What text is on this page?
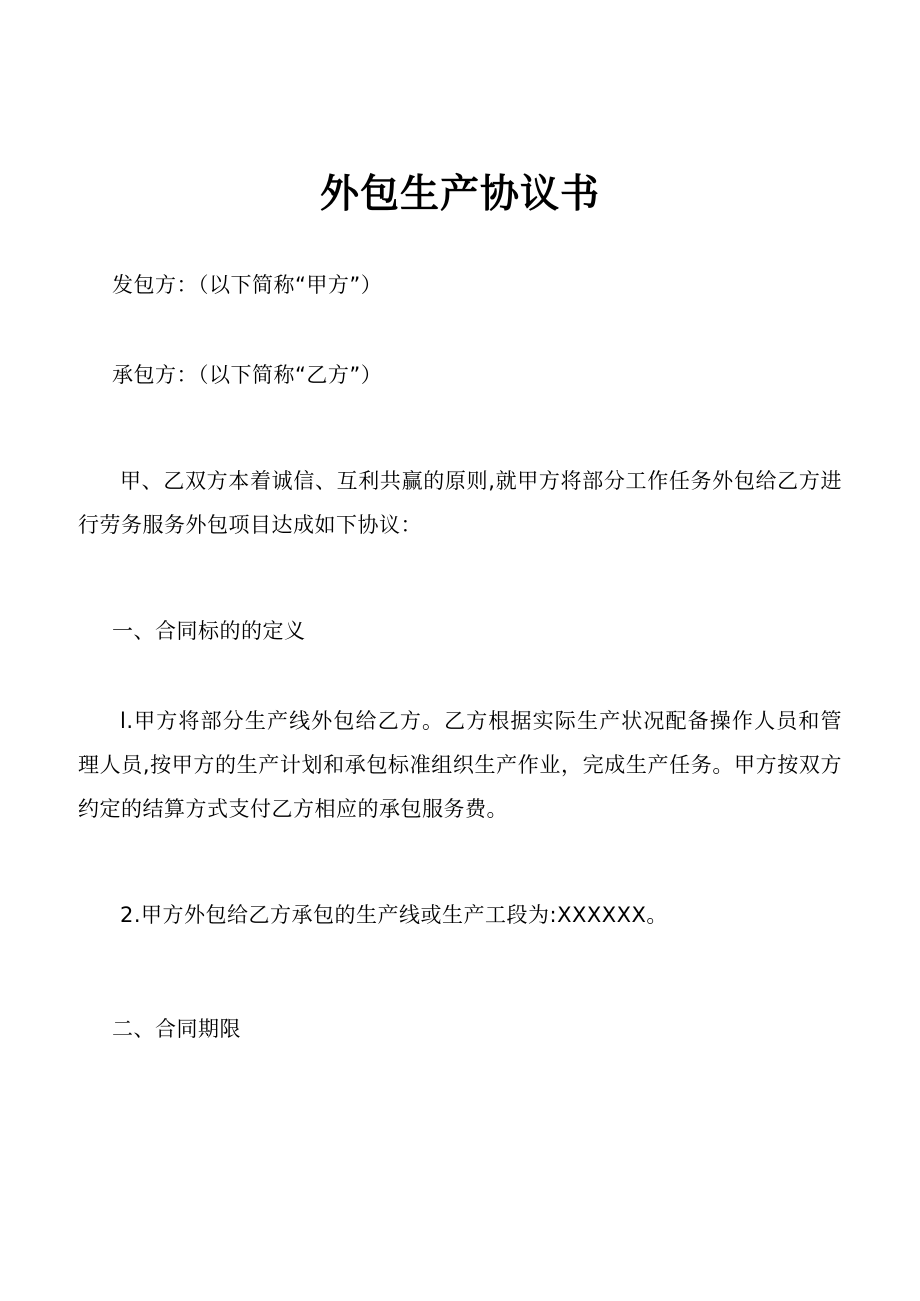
外包生产协议书

发包方：（以下简称“甲方”）

承包方：（以下简称“乙方”）

甲、乙双方本着诚信、互利共赢的原则,就甲方将部分工作任务外包给乙方进行劳务服务外包项目达成如下协议：

一、合同标的的定义

l.甲方将部分生产线外包给乙方。乙方根据实际生产状况配备操作人员和管理人员,按甲方的生产计划和承包标准组织生产作业，完成生产任务。甲方按双方约定的结算方式支付乙方相应的承包服务费。

2.甲方外包给乙方承包的生产线或生产工段为:XXXXXX。

二、合同期限
